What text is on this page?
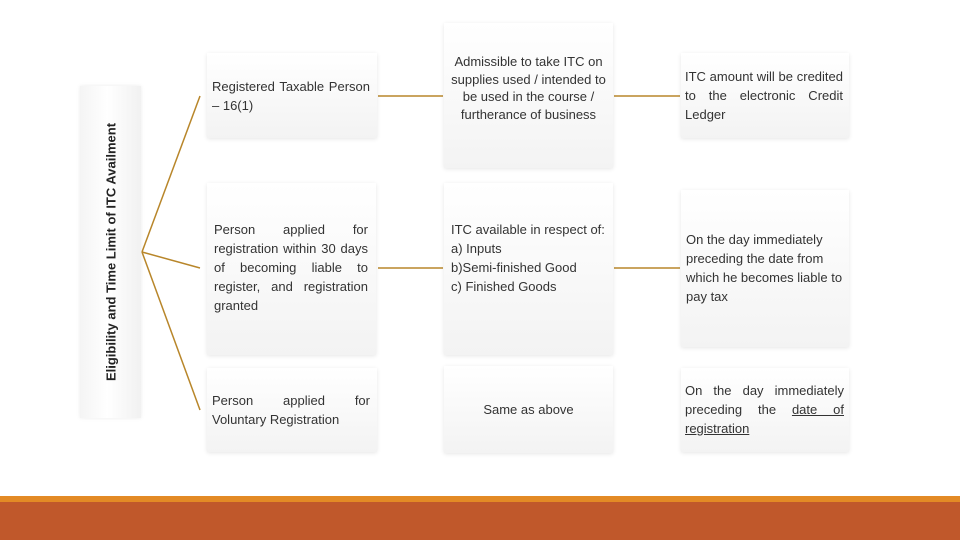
Eligibility and Time Limit of ITC Availment
Registered Taxable Person – 16(1)
Admissible to take ITC on supplies used / intended to be used in the course / furtherance of business
ITC amount will be credited to the electronic Credit Ledger
Person applied for registration within 30 days of becoming liable to register, and registration granted
ITC available in respect of:
a) Inputs
b)Semi-finished Good
c) Finished Goods
On the day immediately preceding the date from which he becomes liable to pay tax
Person applied for Voluntary Registration
Same as above
On the day immediately preceding the date of registration
